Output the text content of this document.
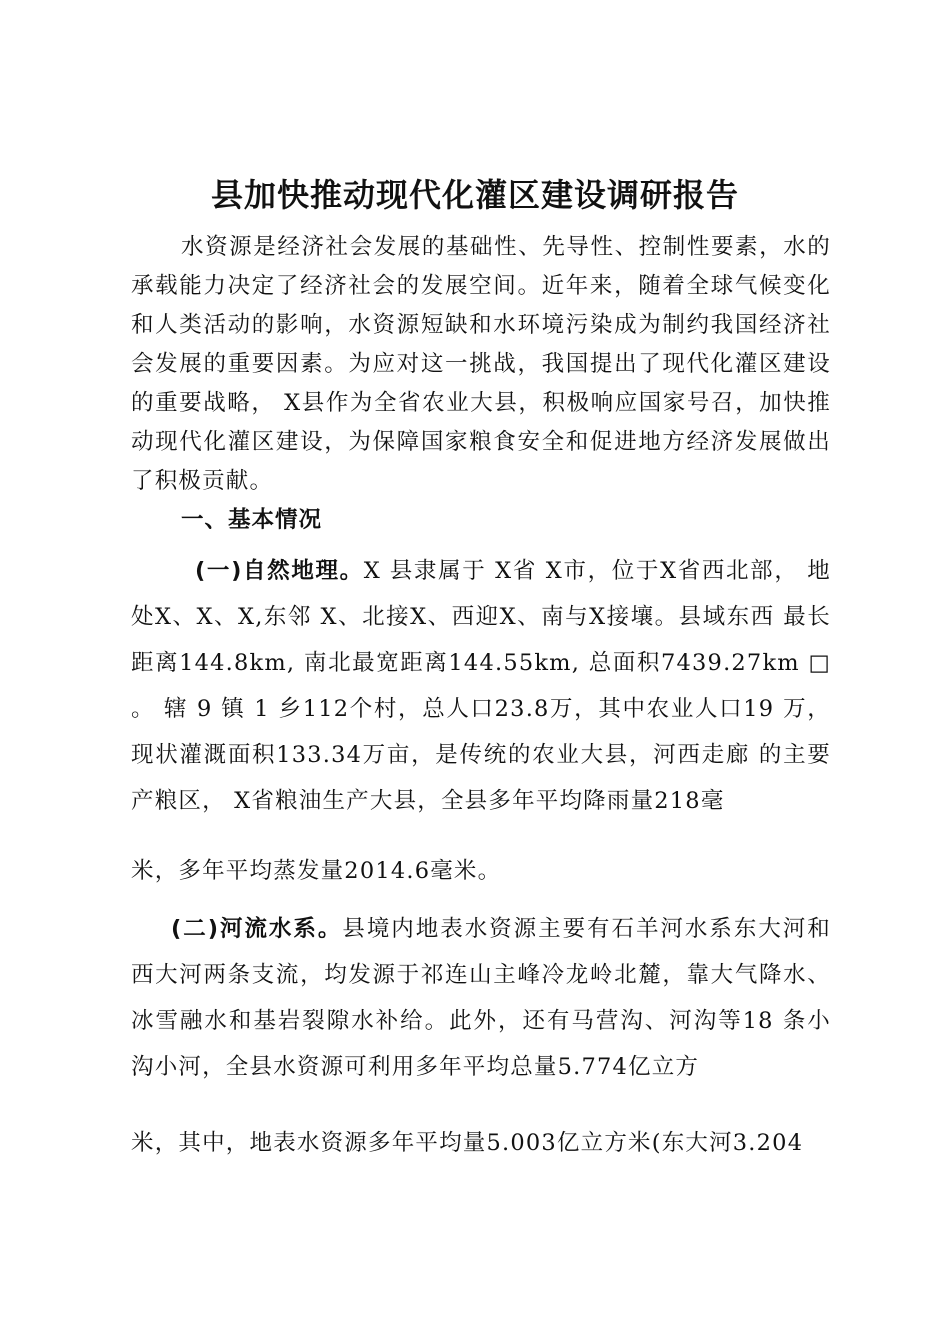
县加快推动现代化灌区建设调研报告
水资源是经济社会发展的基础性、先导性、控制性要素，水的承载能力决定了经济社会的发展空间。近年来，随着全球气候变化和人类活动的影响，水资源短缺和水环境污染成为制约我国经济社会发展的重要因素。为应对这一挑战，我国提出了现代化灌区建设的重要战略， X县作为全省农业大县，积极响应国家号召，加快推动现代化灌区建设，为保障国家粮食安全和促进地方经济发展做出了积极贡献。
一、基本情况
(一)自然地理。X 县隶属于 X省 X市，位于X省西北部， 地处X、X、X,东邻 X、北接X、西迎X、南与X接壤。县域东西 最长距离144.8km, 南北最宽距离144.55km, 总面积7439.27km □ 。 辖 9 镇 1 乡112个村，总人口23.8万，其中农业人口19 万，现状灌溉面积133.34万亩，是传统的农业大县，河西走廊 的主要产粮区， X省粮油生产大县，全县多年平均降雨量218毫
米，多年平均蒸发量2014.6毫米。
(二)河流水系。县境内地表水资源主要有石羊河水系东大河和西大河两条支流，均发源于祁连山主峰冷龙岭北麓，靠大气降水、冰雪融水和基岩裂隙水补给。此外，还有马营沟、河沟等18 条小沟小河，全县水资源可利用多年平均总量5.774亿立方
米，其中，地表水资源多年平均量5.003亿立方米(东大河3.204
